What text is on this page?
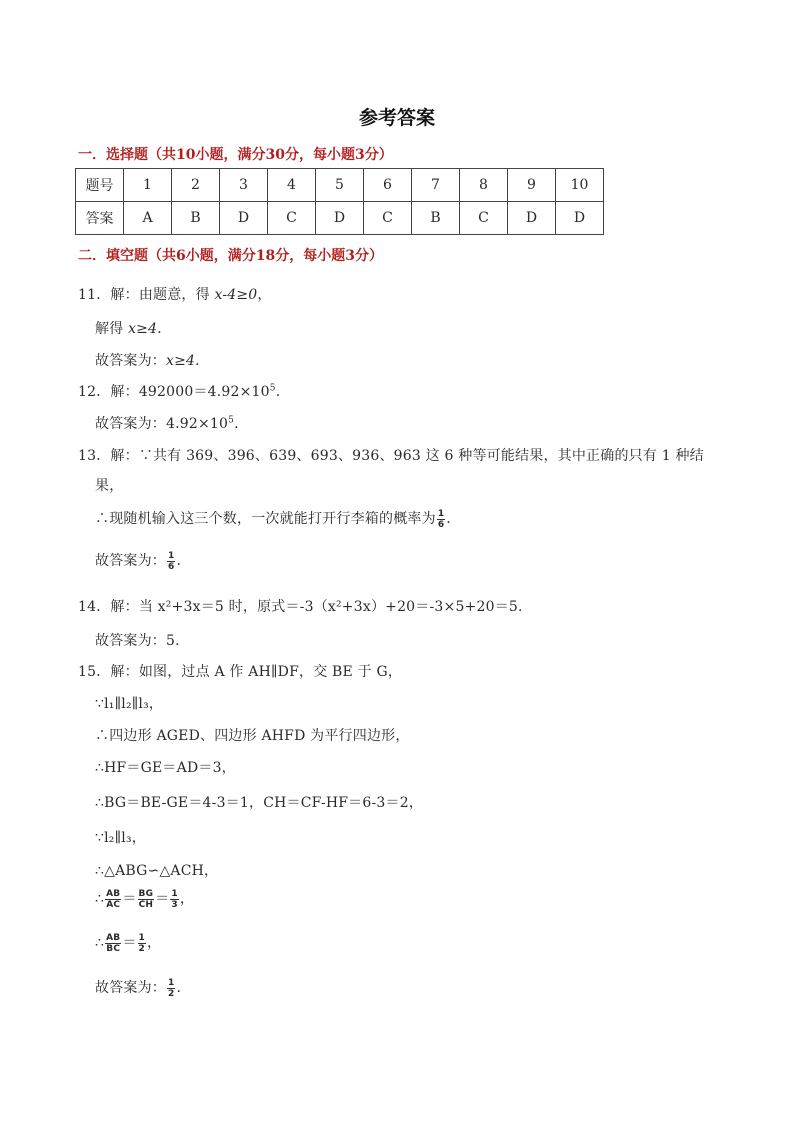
参考答案
一．选择题（共10小题，满分30分，每小题3分）
题号	1	2	3	4	5	6	7	8	9	10
答案	A	B	D	C	D	C	B	C	D	D
二．填空题（共6小题，满分18分，每小题3分）
11．解：由题意，得 x-4≥0，
解得 x≥4．
故答案为：x≥4．
12．解：$492000=4.92\times 10^5$.
故答案为：$4.92\times 10^5$.
13．解：∵共有 369、396、639、693、936、963 这 6 种等可能结果，其中正确的只有 1 种结
果，
∴现随机输入这三个数，一次就能打开行李箱的概率为 $\frac{1}{6}$ .
故答案为： $\frac{1}{6}$ .
14．解：当 x²+3x＝5 时，原式＝-3（x²+3x）+20＝-3×5+20＝5.
故答案为：5.
15．解：如图，过点 A 作 AH∥DF，交 BE 于 G，
∵l₁∥l₂∥l₃，
∴四边形 AGED、四边形 AHFD 为平行四边形，
∴HF＝GE＝AD＝3，
∴BG＝BE-GE＝4-3＝1，CH＝CF-HF＝6-3＝2，
∵l₂∥l₃，
∴△ABG∽△ACH，
∴ $\frac{AB}{AC} = \frac{BG}{CH} = \frac{1}{3}$ ，
∴ $\frac{AB}{BC} = \frac{1}{2}$ ，
故答案为： $\frac{1}{2}$ .
